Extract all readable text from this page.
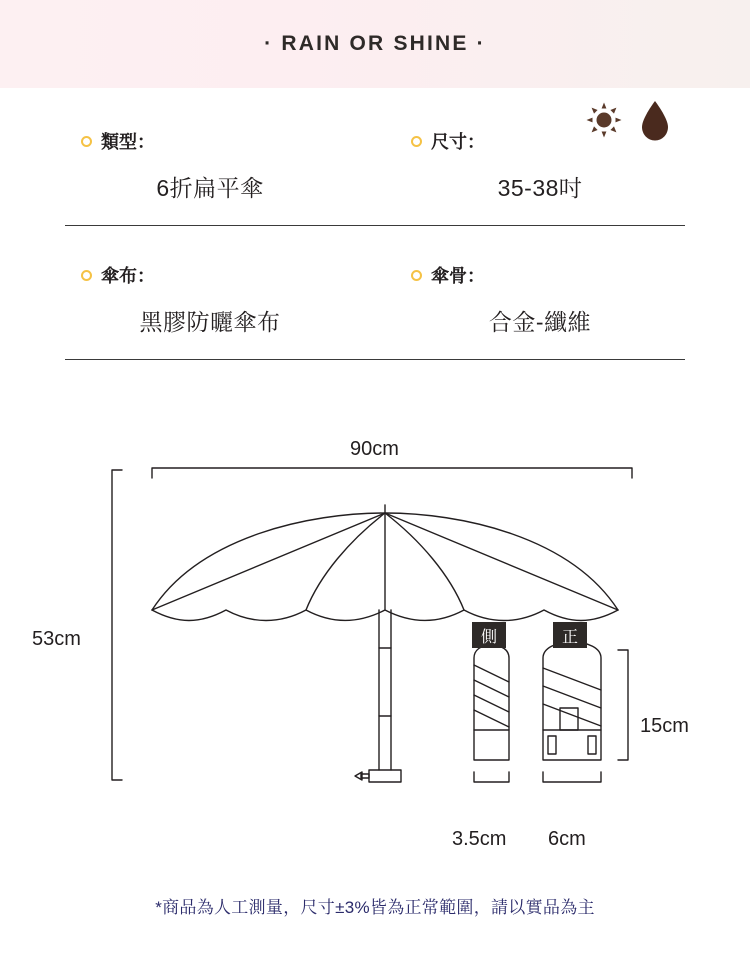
· RAIN OR SHINE ·
類型：
6折扁平傘
尺寸：
35-38吋
傘布：
黑膠防曬傘布
傘骨：
合金-纖維
90cm
53cm
15cm
3.5cm 6cm
側	正
*商品為人工測量，尺寸±3%皆為正常範圍，請以實品為主
